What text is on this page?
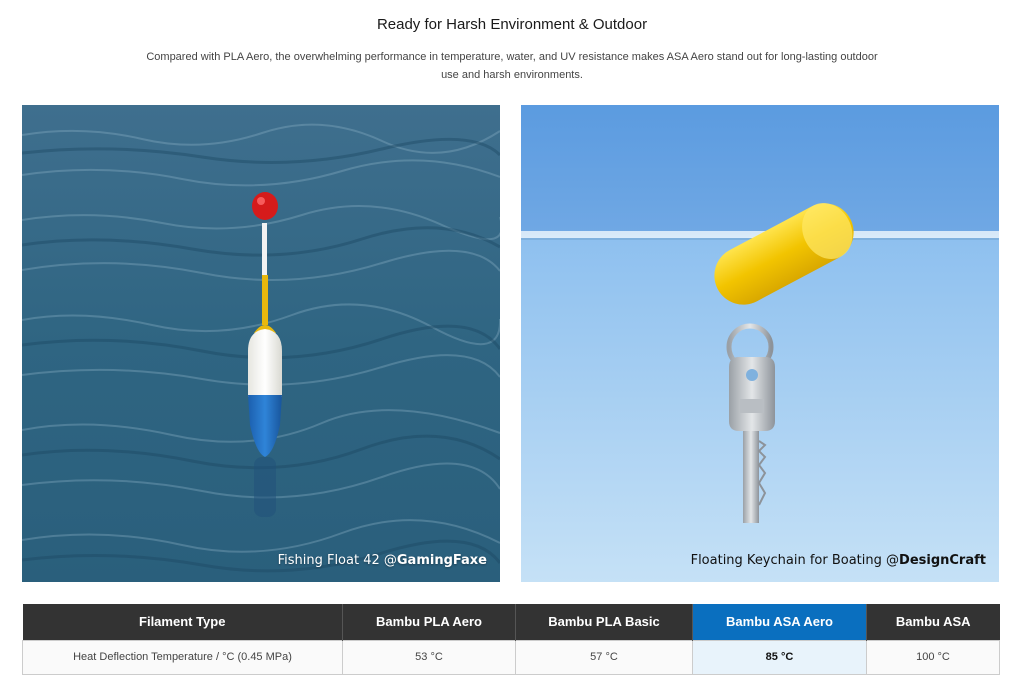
Ready for Harsh Environment & Outdoor
Compared with PLA Aero, the overwhelming performance in temperature, water, and UV resistance makes ASA Aero stand out for long-lasting outdoor use and harsh environments.
Fishing Float 42 @GamingFaxe	Floating Keychain for Boating @DesignCraft
Filament Type	Bambu PLA Aero	Bambu PLA Basic	Bambu ASA Aero	Bambu ASA
Heat Deflection Temperature / °C (0.45 MPa)	53 °C	57 °C	85 °C	100 °C
